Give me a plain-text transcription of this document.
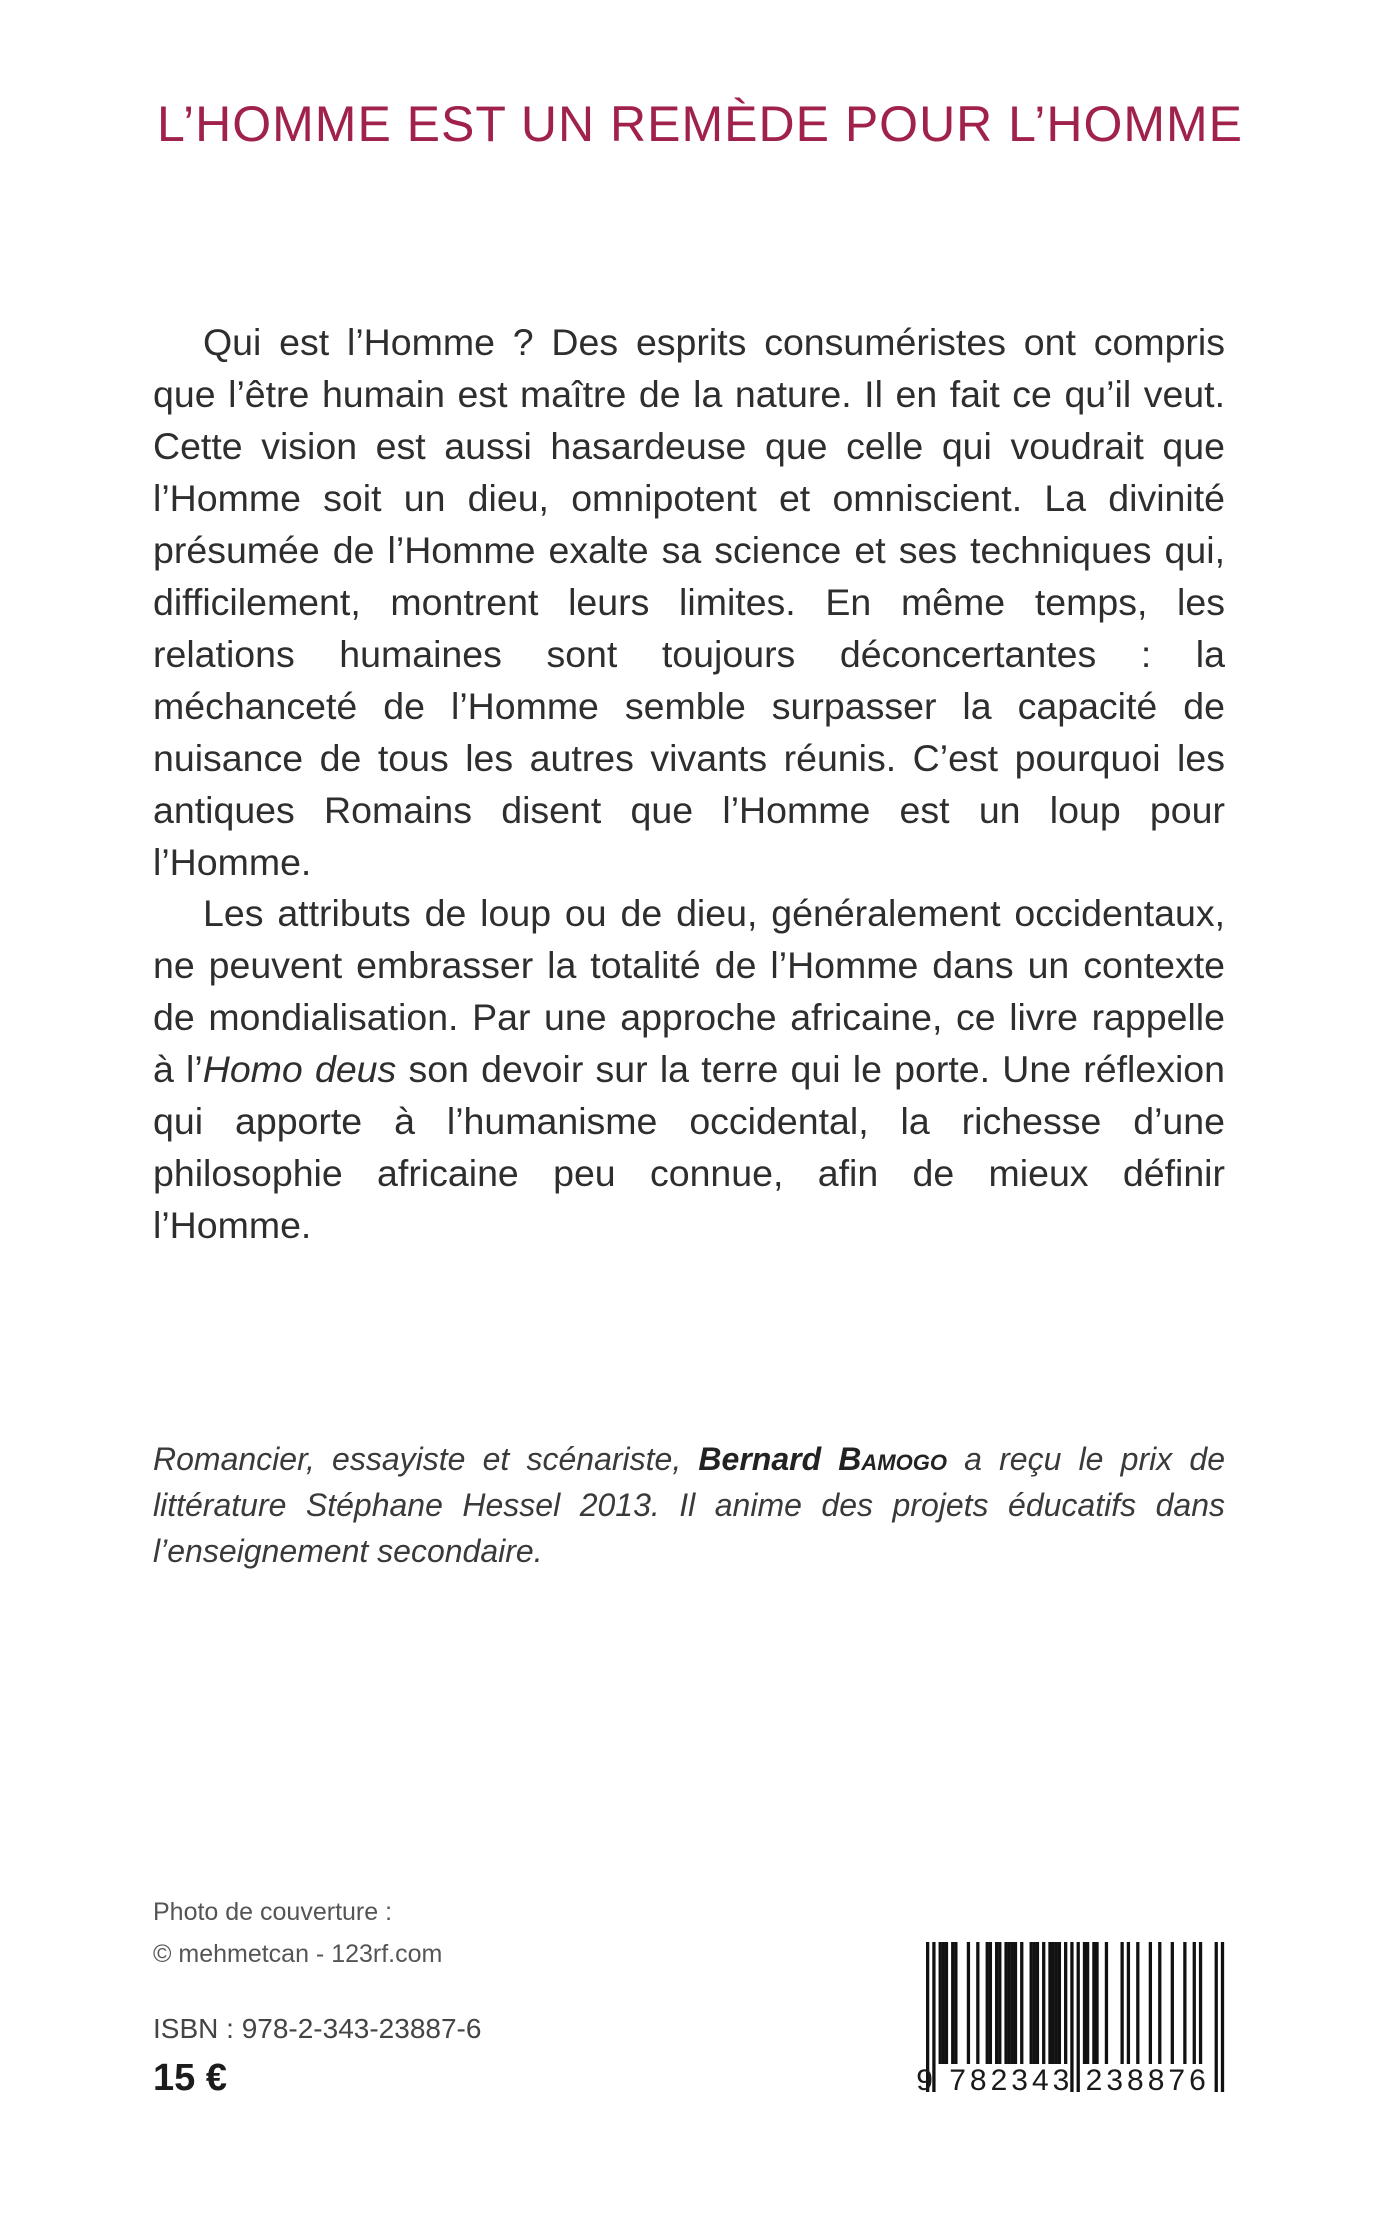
L’HOMME EST UN REMÈDE POUR L’HOMME
Qui est l’Homme ? Des esprits consuméristes ont compris que l’être humain est maître de la nature. Il en fait ce qu’il veut. Cette vision est aussi hasardeuse que celle qui voudrait que l’Homme soit un dieu, omnipotent et omniscient. La divinité présumée de l’Homme exalte sa science et ses techniques qui, difficilement, montrent leurs limites. En même temps, les relations humaines sont toujours déconcertantes : la méchanceté de l’Homme semble surpasser la capacité de nuisance de tous les autres vivants réunis. C’est pourquoi les antiques Romains disent que l’Homme est un loup pour l’Homme.
Les attributs de loup ou de dieu, généralement occidentaux, ne peuvent embrasser la totalité de l’Homme dans un contexte de mondialisation. Par une approche africaine, ce livre rappelle à l’Homo deus son devoir sur la terre qui le porte. Une réflexion qui apporte à l’humanisme occidental, la richesse d’une philosophie africaine peu connue, afin de mieux définir l’Homme.
Romancier, essayiste et scénariste, Bernard Bamogo a reçu le prix de littérature Stéphane Hessel 2013. Il anime des projets éducatifs dans l’enseignement secondaire.
Photo de couverture :
© mehmetcan - 123rf.com
ISBN : 978-2-343-23887-6
15 €	9 782343 238876
